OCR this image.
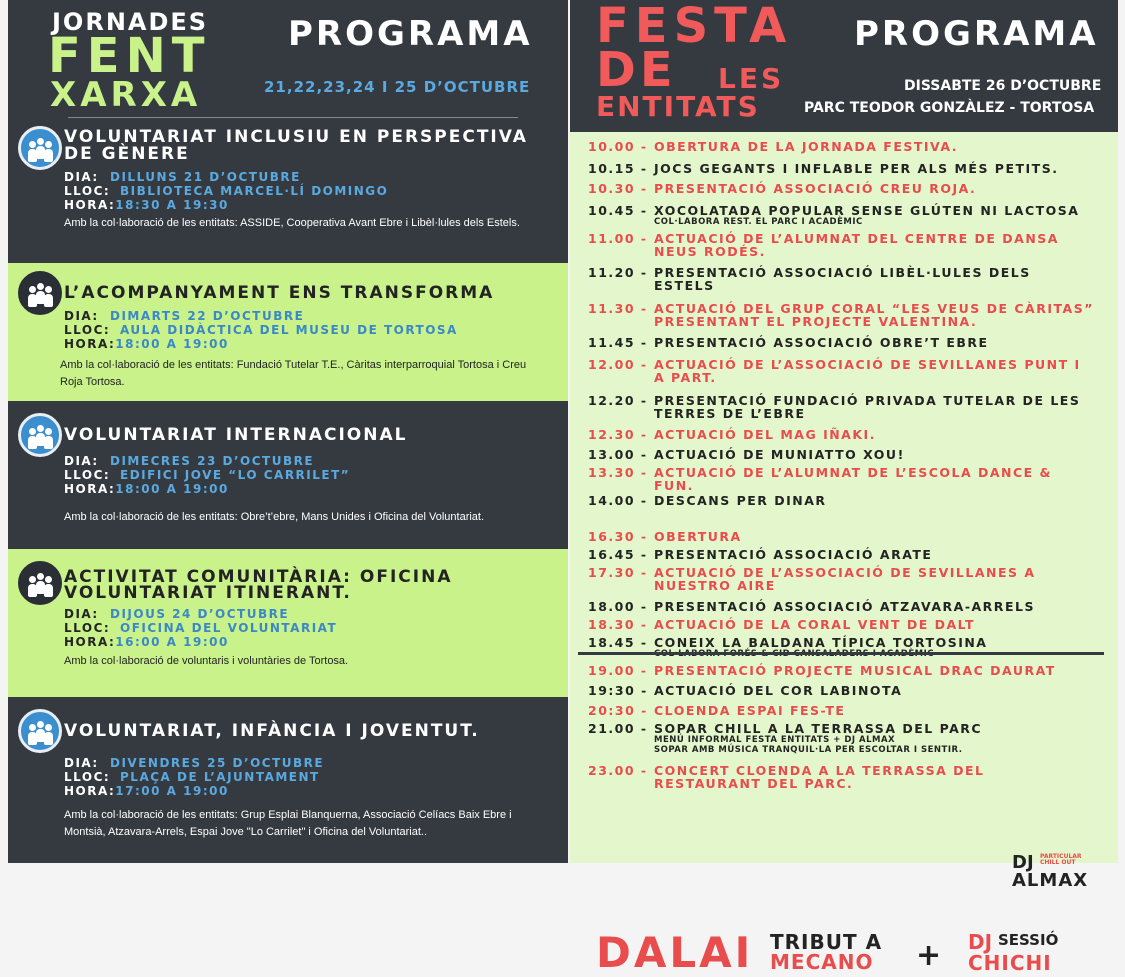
JORNADES
FENT
XARXA
PROGRAMA
21,22,23,24 I 25 D’OCTUBRE
VOLUNTARIAT INCLUSIU EN PERSPECTIVA
DE GÈNERE
DIA: DILLUNS 21 D’OCTUBRE
LLOC: BIBLIOTECA MARCEL·LÍ DOMINGO
HORA:18:30 A 19:30
Amb la col·laboració de les entitats: ASSIDE, Cooperativa Avant Ebre i Libèl·lules dels Estels.
L’ACOMPANYAMENT ENS TRANSFORMA
DIA: DIMARTS 22 D’OCTUBRE
LLOC: AULA DIDÀCTICA DEL MUSEU DE TORTOSA
HORA:18:00 A 19:00
Amb la col·laboració de les entitats: Fundació Tutelar T.E., Càritas interparroquial Tortosa i Creu Roja Tortosa.
VOLUNTARIAT INTERNACIONAL
DIA: DIMECRES 23 D’OCTUBRE
LLOC: EDIFICI JOVE “LO CARRILET”
HORA:18:00 A 19:00
Amb la col·laboració de les entitats: Obre’t’ebre, Mans Unides i Oficina del Voluntariat.
ACTIVITAT COMUNITÀRIA: OFICINA
VOLUNTARIAT ITINERANT.
DIA: DIJOUS 24 D’OCTUBRE
LLOC: OFICINA DEL VOLUNTARIAT
HORA:16:00 A 19:00
Amb la col·laboració de voluntaris i voluntàries de Tortosa.
VOLUNTARIAT, INFÀNCIA I JOVENTUT.
DIA: DIVENDRES 25 D’OCTUBRE
LLOC: PLAÇA DE L’AJUNTAMENT
HORA:17:00 A 19:00
Amb la col·laboració de les entitats: Grup Esplai Blanquerna, Associació Celíacs Baix Ebre i Montsià, Atzavara-Arrels, Espai Jove "Lo Carrilet" i Oficina del Voluntariat..
FESTA
DE LES
ENTITATS
PROGRAMA
DISSABTE 26 D’OCTUBRE
PARC TEODOR GONZÀLEZ - TORTOSA
10.00 - OBERTURA DE LA JORNADA FESTIVA.
10.15 - JOCS GEGANTS I INFLABLE PER ALS MÉS PETITS.
10.30 - PRESENTACIÓ ASSOCIACIÓ CREU ROJA.
10.45 - XOCOLATADA POPULAR SENSE GLÚTEN NI LACTOSA
COL·LABORA REST. EL PARC I ACADÈMIC
11.00 - ACTUACIÓ DE L’ALUMNAT DEL CENTRE DE DANSA NEUS RODÉS.
11.20 - PRESENTACIÓ ASSOCIACIÓ LIBÈL·LULES DELS ESTELS
11.30 - ACTUACIÓ DEL GRUP CORAL “LES VEUS DE CÀRITAS” PRESENTANT EL PROJECTE VALENTINA.
11.45 - PRESENTACIÓ ASSOCIACIÓ OBRE’T EBRE
12.00 - ACTUACIÓ DE L’ASSOCIACIÓ DE SEVILLANES PUNT I A PART.
12.20 - PRESENTACIÓ FUNDACIÓ PRIVADA TUTELAR DE LES TERRES DE L’EBRE
12.30 - ACTUACIÓ DEL MAG IÑAKI.
13.00 - ACTUACIÓ DE MUNIATTO XOU!
13.30 - ACTUACIÓ DE L’ALUMNAT DE L’ESCOLA DANCE & FUN.
14.00 - DESCANS PER DINAR
16.30 - OBERTURA
16.45 - PRESENTACIÓ ASSOCIACIÓ ARATE
17.30 - ACTUACIÓ DE L’ASSOCIACIÓ DE SEVILLANES A NUESTRO AIRE
18.00 - PRESENTACIÓ ASSOCIACIÓ ATZAVARA-ARRELS
18.30 - ACTUACIÓ DE LA CORAL VENT DE DALT
18.45 - CONEIX LA BALDANA TÍPICA TORTOSINA
19.00 - PRESENTACIÓ PROJECTE MUSICAL DRAC DAURAT
19:30 - ACTUACIÓ DEL COR LABINOTA
20:30 - CLOENDA ESPAI FES-TE
21.00 - SOPAR CHILL A LA TERRASSA DEL PARC
MENÚ INFORMAL FESTA ENTITATS + DJ ALMAX
SOPAR AMB MÚSICA TRANQUIL·LA PER ESCOLTAR I SENTIR.
23.00 - CONCERT CLOENDA A LA TERRASSA DEL RESTAURANT DEL PARC.
DJ PARTICULAR CHILL OUT
ALMAX
DALAI TRIBUT A
MECANO + DJ SESSIÓ
CHICHI
